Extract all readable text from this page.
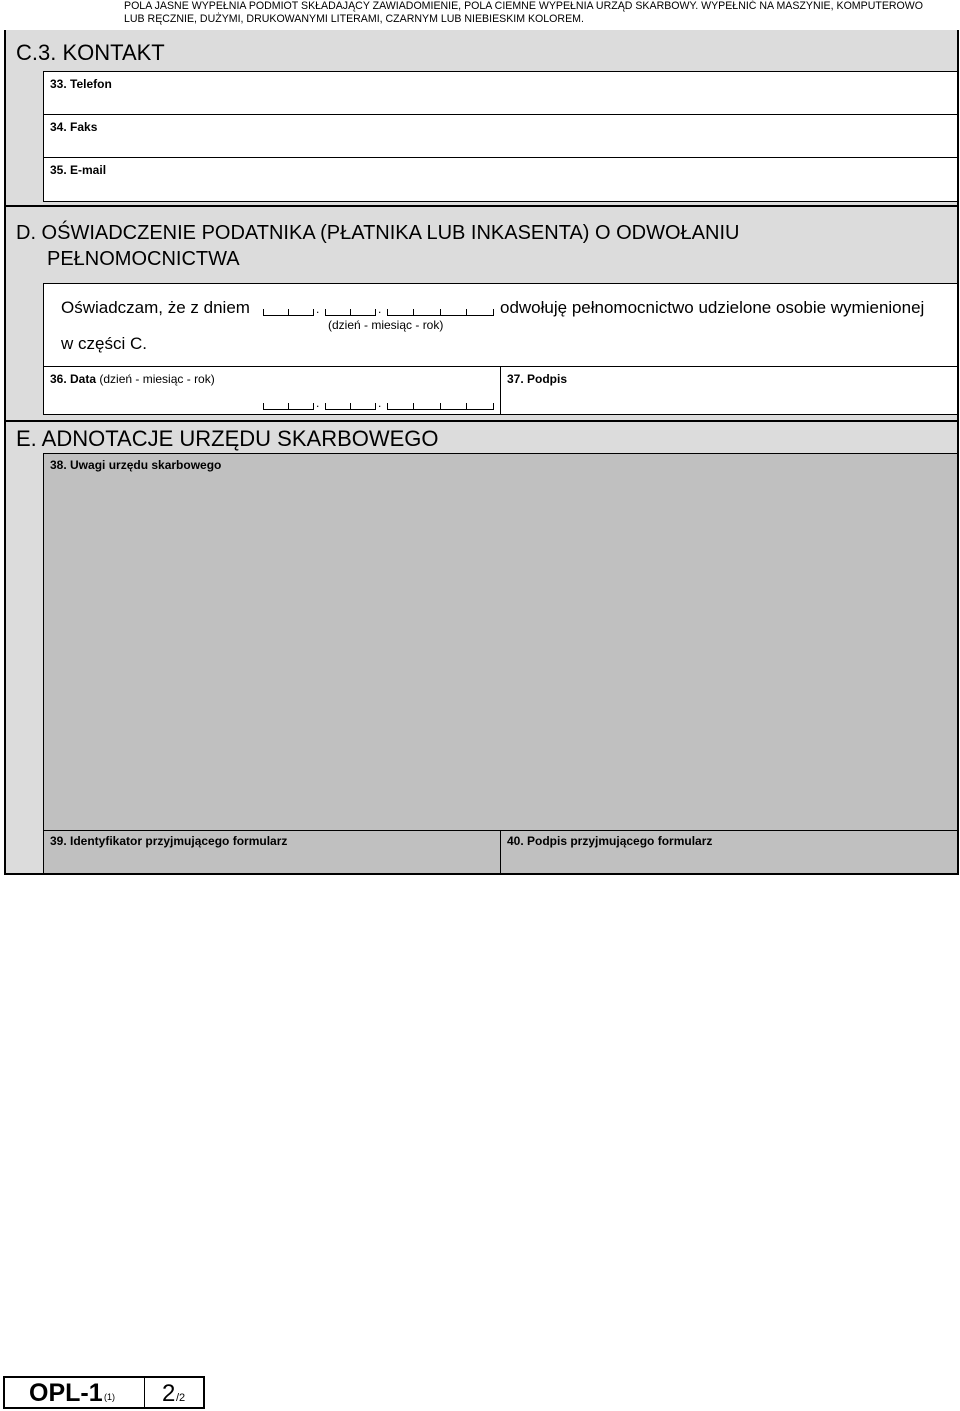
POLA JASNE WYPEŁNIA PODMIOT SKŁADAJĄCY ZAWIADOMIENIE, POLA CIEMNE WYPEŁNIA URZĄD SKARBOWY. WYPEŁNIĆ NA MASZYNIE, KOMPUTEROWO
LUB RĘCZNIE, DUŻYMI, DRUKOWANYMI LITERAMI, CZARNYM LUB NIEBIESKIM KOLOREM.
C.3. KONTAKT
33. Telefon
34. Faks
35. E-mail
D. OŚWIADCZENIE PODATNIKA (PŁATNIKA LUB INKASENTA) O ODWOŁANIU
PEŁNOMOCNICTWA
Oświadczam, że z dniem	odwołuję pełnomocnictwo udzielone osobie wymienionej
w części C.
(dzień - miesiąc - rok)
.	.
36. Data (dzień - miesiąc - rok)
.	.
37. Podpis
E. ADNOTACJE URZĘDU SKARBOWEGO
38. Uwagi urzędu skarbowego
39. Identyfikator przyjmującego formularz	40. Podpis przyjmującego formularz
OPL-1 (1) 2 /2
